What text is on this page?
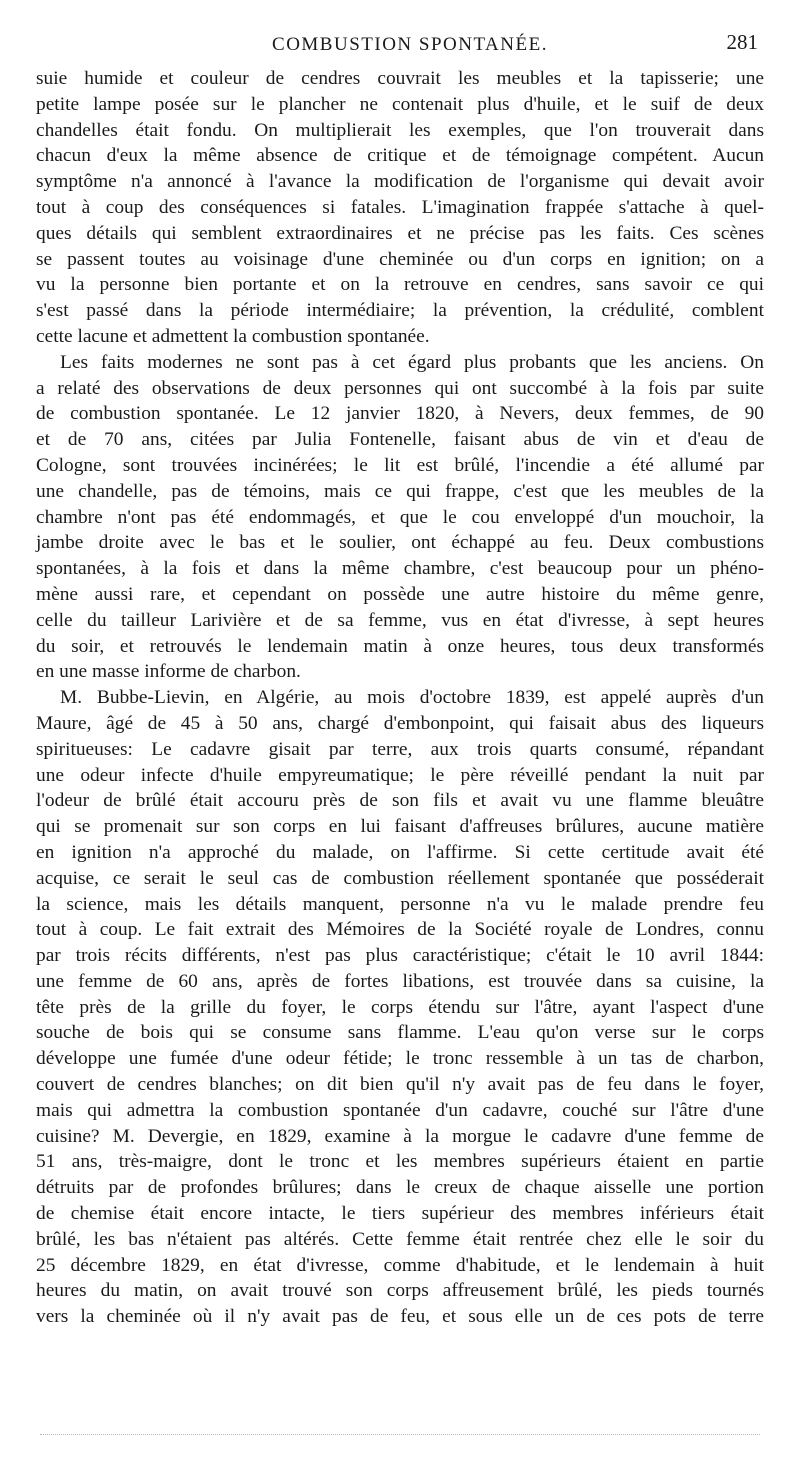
COMBUSTION SPONTANÉE.	281
suie humide et couleur de cendres couvrait les meubles et la tapisserie; une
petite lampe posée sur le plancher ne contenait plus d'huile, et le suif de deux
chandelles était fondu. On multiplierait les exemples, que l'on trouverait dans
chacun d'eux la même absence de critique et de témoignage compétent. Aucun
symptôme n'a annoncé à l'avance la modification de l'organisme qui devait avoir
tout à coup des conséquences si fatales. L'imagination frappée s'attache à quel-
ques détails qui semblent extraordinaires et ne précise pas les faits. Ces scènes
se passent toutes au voisinage d'une cheminée ou d'un corps en ignition; on a
vu la personne bien portante et on la retrouve en cendres, sans savoir ce qui
s'est passé dans la période intermédiaire; la prévention, la crédulité, comblent
cette lacune et admettent la combustion spontanée.
Les faits modernes ne sont pas à cet égard plus probants que les anciens. On
a relaté des observations de deux personnes qui ont succombé à la fois par suite
de combustion spontanée. Le 12 janvier 1820, à Nevers, deux femmes, de 90
et de 70 ans, citées par Julia Fontenelle, faisant abus de vin et d'eau de
Cologne, sont trouvées incinérées; le lit est brûlé, l'incendie a été allumé par
une chandelle, pas de témoins, mais ce qui frappe, c'est que les meubles de la
chambre n'ont pas été endommagés, et que le cou enveloppé d'un mouchoir, la
jambe droite avec le bas et le soulier, ont échappé au feu. Deux combustions
spontanées, à la fois et dans la même chambre, c'est beaucoup pour un phéno-
mène aussi rare, et cependant on possède une autre histoire du même genre,
celle du tailleur Larivière et de sa femme, vus en état d'ivresse, à sept heures
du soir, et retrouvés le lendemain matin à onze heures, tous deux transformés
en une masse informe de charbon.
M. Bubbe-Lievin, en Algérie, au mois d'octobre 1839, est appelé auprès d'un
Maure, âgé de 45 à 50 ans, chargé d'embonpoint, qui faisait abus des liqueurs
spiritueuses: Le cadavre gisait par terre, aux trois quarts consumé, répandant
une odeur infecte d'huile empyreumatique; le père réveillé pendant la nuit par
l'odeur de brûlé était accouru près de son fils et avait vu une flamme bleuâtre
qui se promenait sur son corps en lui faisant d'affreuses brûlures, aucune matière
en ignition n'a approché du malade, on l'affirme. Si cette certitude avait été
acquise, ce serait le seul cas de combustion réellement spontanée que posséderait
la science, mais les détails manquent, personne n'a vu le malade prendre feu
tout à coup. Le fait extrait des Mémoires de la Société royale de Londres, connu
par trois récits différents, n'est pas plus caractéristique; c'était le 10 avril 1844:
une femme de 60 ans, après de fortes libations, est trouvée dans sa cuisine, la
tête près de la grille du foyer, le corps étendu sur l'âtre, ayant l'aspect d'une
souche de bois qui se consume sans flamme. L'eau qu'on verse sur le corps
développe une fumée d'une odeur fétide; le tronc ressemble à un tas de charbon,
couvert de cendres blanches; on dit bien qu'il n'y avait pas de feu dans le foyer,
mais qui admettra la combustion spontanée d'un cadavre, couché sur l'âtre d'une
cuisine? M. Devergie, en 1829, examine à la morgue le cadavre d'une femme de
51 ans, très-maigre, dont le tronc et les membres supérieurs étaient en partie
détruits par de profondes brûlures; dans le creux de chaque aisselle une portion
de chemise était encore intacte, le tiers supérieur des membres inférieurs était
brûlé, les bas n'étaient pas altérés. Cette femme était rentrée chez elle le soir du
25 décembre 1829, en état d'ivresse, comme d'habitude, et le lendemain à huit
heures du matin, on avait trouvé son corps affreusement brûlé, les pieds tournés
vers la cheminée où il n'y avait pas de feu, et sous elle un de ces pots de terre
